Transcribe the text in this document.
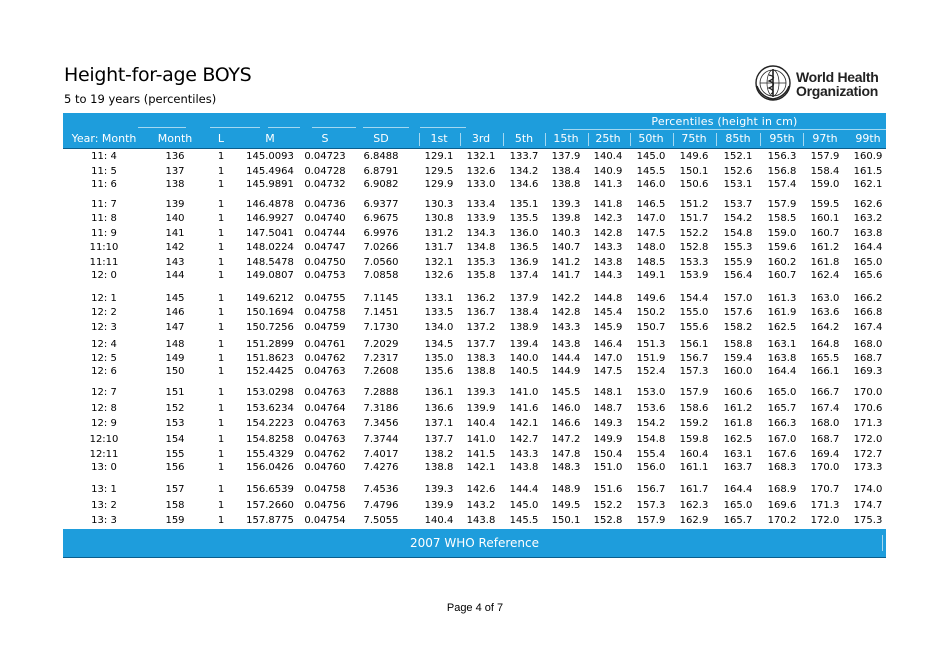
Height-for-age BOYS
5 to 19 years (percentiles)
World Health
Organization
Percentiles (height in cm)
Year: Month	Month	L	M	S	SD	1st	3rd	5th	15th	25th	50th	75th	85th	95th	97th	99th
11: 4	136	1	145.0093	0.04723	6.8488	129.1	132.1	133.7	137.9	140.4	145.0	149.6	152.1	156.3	157.9	160.9
11: 5	137	1	145.4964	0.04728	6.8791	129.5	132.6	134.2	138.4	140.9	145.5	150.1	152.6	156.8	158.4	161.5
11: 6	138	1	145.9891	0.04732	6.9082	129.9	133.0	134.6	138.8	141.3	146.0	150.6	153.1	157.4	159.0	162.1
11: 7	139	1	146.4878	0.04736	6.9377	130.3	133.4	135.1	139.3	141.8	146.5	151.2	153.7	157.9	159.5	162.6
11: 8	140	1	146.9927	0.04740	6.9675	130.8	133.9	135.5	139.8	142.3	147.0	151.7	154.2	158.5	160.1	163.2
11: 9	141	1	147.5041	0.04744	6.9976	131.2	134.3	136.0	140.3	142.8	147.5	152.2	154.8	159.0	160.7	163.8
11:10	142	1	148.0224	0.04747	7.0266	131.7	134.8	136.5	140.7	143.3	148.0	152.8	155.3	159.6	161.2	164.4
11:11	143	1	148.5478	0.04750	7.0560	132.1	135.3	136.9	141.2	143.8	148.5	153.3	155.9	160.2	161.8	165.0
12: 0	144	1	149.0807	0.04753	7.0858	132.6	135.8	137.4	141.7	144.3	149.1	153.9	156.4	160.7	162.4	165.6
12: 1	145	1	149.6212	0.04755	7.1145	133.1	136.2	137.9	142.2	144.8	149.6	154.4	157.0	161.3	163.0	166.2
12: 2	146	1	150.1694	0.04758	7.1451	133.5	136.7	138.4	142.8	145.4	150.2	155.0	157.6	161.9	163.6	166.8
12: 3	147	1	150.7256	0.04759	7.1730	134.0	137.2	138.9	143.3	145.9	150.7	155.6	158.2	162.5	164.2	167.4
12: 4	148	1	151.2899	0.04761	7.2029	134.5	137.7	139.4	143.8	146.4	151.3	156.1	158.8	163.1	164.8	168.0
12: 5	149	1	151.8623	0.04762	7.2317	135.0	138.3	140.0	144.4	147.0	151.9	156.7	159.4	163.8	165.5	168.7
12: 6	150	1	152.4425	0.04763	7.2608	135.6	138.8	140.5	144.9	147.5	152.4	157.3	160.0	164.4	166.1	169.3
12: 7	151	1	153.0298	0.04763	7.2888	136.1	139.3	141.0	145.5	148.1	153.0	157.9	160.6	165.0	166.7	170.0
12: 8	152	1	153.6234	0.04764	7.3186	136.6	139.9	141.6	146.0	148.7	153.6	158.6	161.2	165.7	167.4	170.6
12: 9	153	1	154.2223	0.04763	7.3456	137.1	140.4	142.1	146.6	149.3	154.2	159.2	161.8	166.3	168.0	171.3
12:10	154	1	154.8258	0.04763	7.3744	137.7	141.0	142.7	147.2	149.9	154.8	159.8	162.5	167.0	168.7	172.0
12:11	155	1	155.4329	0.04762	7.4017	138.2	141.5	143.3	147.8	150.4	155.4	160.4	163.1	167.6	169.4	172.7
13: 0	156	1	156.0426	0.04760	7.4276	138.8	142.1	143.8	148.3	151.0	156.0	161.1	163.7	168.3	170.0	173.3
13: 1	157	1	156.6539	0.04758	7.4536	139.3	142.6	144.4	148.9	151.6	156.7	161.7	164.4	168.9	170.7	174.0
13: 2	158	1	157.2660	0.04756	7.4796	139.9	143.2	145.0	149.5	152.2	157.3	162.3	165.0	169.6	171.3	174.7
13: 3	159	1	157.8775	0.04754	7.5055	140.4	143.8	145.5	150.1	152.8	157.9	162.9	165.7	170.2	172.0	175.3
2007 WHO Reference
Page 4 of 7
